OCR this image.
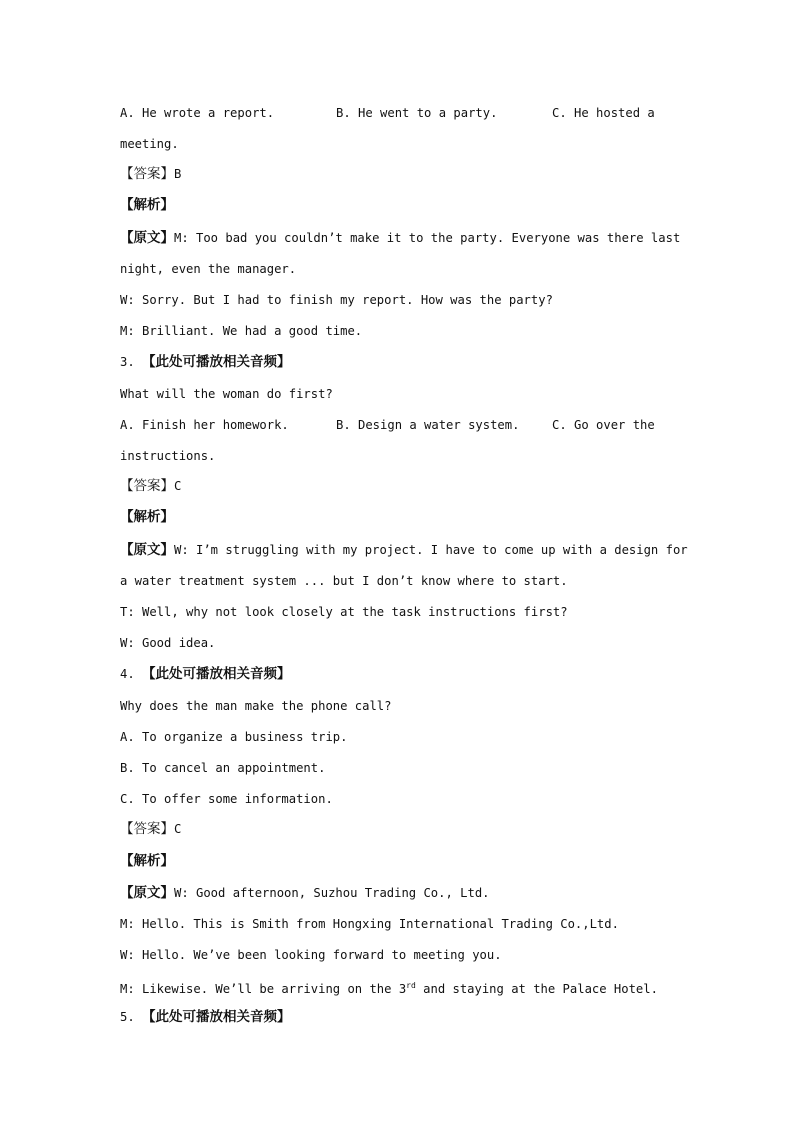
A. He wrote a report.	B. He went to a party.	C. He hosted a
meeting.
【答案】B
【解析】
【原文】M: Too bad you couldn’t make it to the party. Everyone was there last
night, even the manager.
W: Sorry. But I had to finish my report. How was the party?
M: Brilliant. We had a good time.
3. 【此处可播放相关音频】
What will the woman do first?
A. Finish her homework.	B. Design a water system.	C. Go over the
instructions.
【答案】C
【解析】
【原文】W: I’m struggling with my project. I have to come up with a design for
a water treatment system ... but I don’t know where to start.
T: Well, why not look closely at the task instructions first?
W: Good idea.
4. 【此处可播放相关音频】
Why does the man make the phone call?
A. To organize a business trip.
B. To cancel an appointment.
C. To offer some information.
【答案】C
【解析】
【原文】W: Good afternoon, Suzhou Trading Co., Ltd.
M: Hello. This is Smith from Hongxing International Trading Co.,Ltd.
W: Hello. We’ve been looking forward to meeting you.
M: Likewise. We’ll be arriving on the 3rd and staying at the Palace Hotel.
5. 【此处可播放相关音频】
